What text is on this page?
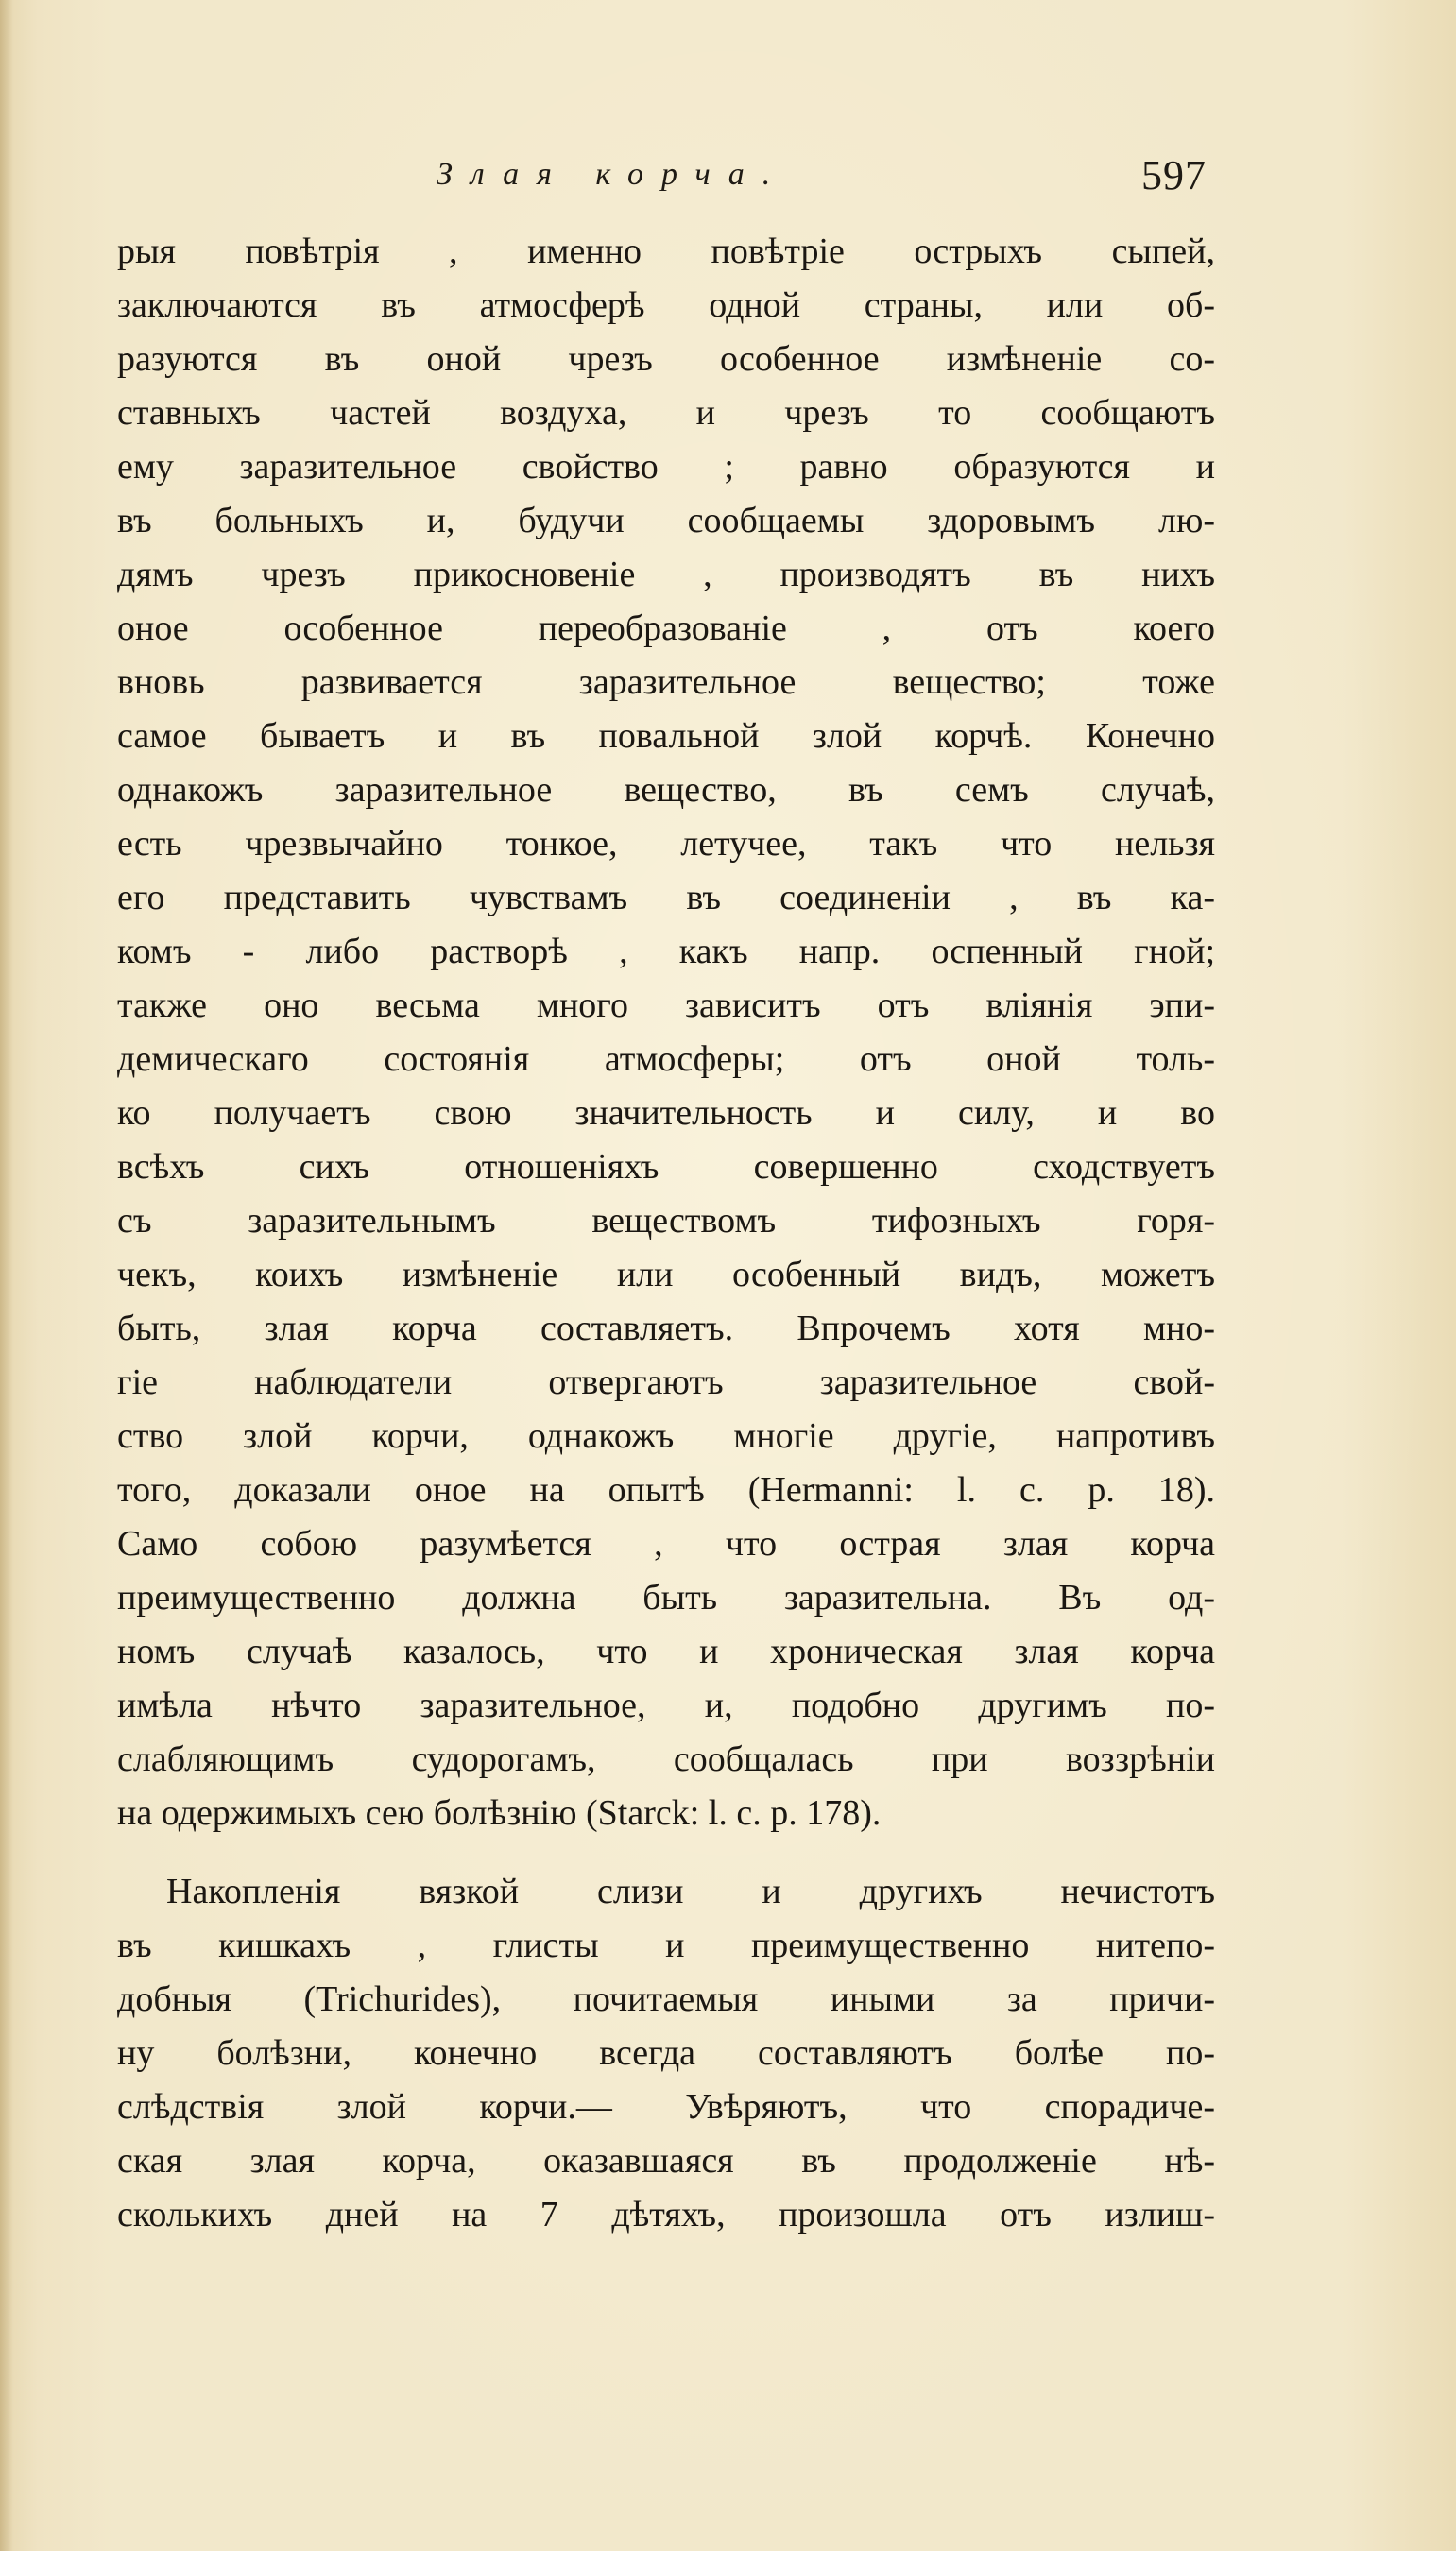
Злая корча.	597
рыя повѣтрія , именно повѣтріе острыхъ сыпей,
заключаются въ атмосферѣ одной страны, или об-
разуются въ оной чрезъ особенное измѣненіе со-
ставныхъ частей воздуха, и чрезъ то сообщаютъ
ему заразительное свойство ; равно образуются и
въ больныхъ и, будучи сообщаемы здоровымъ лю-
дямъ чрезъ прикосновеніе , производятъ въ нихъ
оное особенное переобразованіе , отъ коего
вновь развивается заразительное вещество; тоже
самое бываетъ и въ повальной злой корчѣ. Конечно
однакожъ заразительное вещество, въ семъ случаѣ,
есть чрезвычайно тонкое, летучее, такъ что нельзя
его представить чувствамъ въ соединеніи , въ ка-
комъ - либо растворѣ , какъ напр. оспенный гной;
также оно весьма много зависитъ отъ вліянія эпи-
демическаго состоянія атмосферы; отъ оной толь-
ко получаетъ свою значительность и силу, и во
всѣхъ сихъ отношеніяхъ совершенно сходствуетъ
съ заразительнымъ веществомъ тифозныхъ горя-
чекъ, коихъ измѣненіе или особенный видъ, можетъ
быть, злая корча составляетъ. Впрочемъ хотя мно-
гіе наблюдатели отвергаютъ заразительное свой-
ство злой корчи, однакожъ многіе другіе, напротивъ
того, доказали оное на опытѣ (Hermanni: l. c. p. 18).
Само собою разумѣется , что острая злая корча
преимущественно должна быть заразительна. Въ од-
номъ случаѣ казалось, что и хроническая злая корча
имѣла нѣчто заразительное, и, подобно другимъ по-
слабляющимъ судорогамъ, сообщалась при воззрѣніи
на одержимыхъ сею болѣзнію (Starck: l. c. p. 178).
Накопленія вязкой слизи и другихъ нечистотъ
въ кишкахъ , глисты и преимущественно нитепо-
добныя (Trichurides), почитаемыя иными за причи-
ну болѣзни, конечно всегда составляютъ болѣе по-
слѣдствія злой корчи.— Увѣряютъ, что спорадиче-
ская злая корча, оказавшаяся въ продолженіе нѣ-
сколькихъ дней на 7 дѣтяхъ, произошла отъ излиш-
